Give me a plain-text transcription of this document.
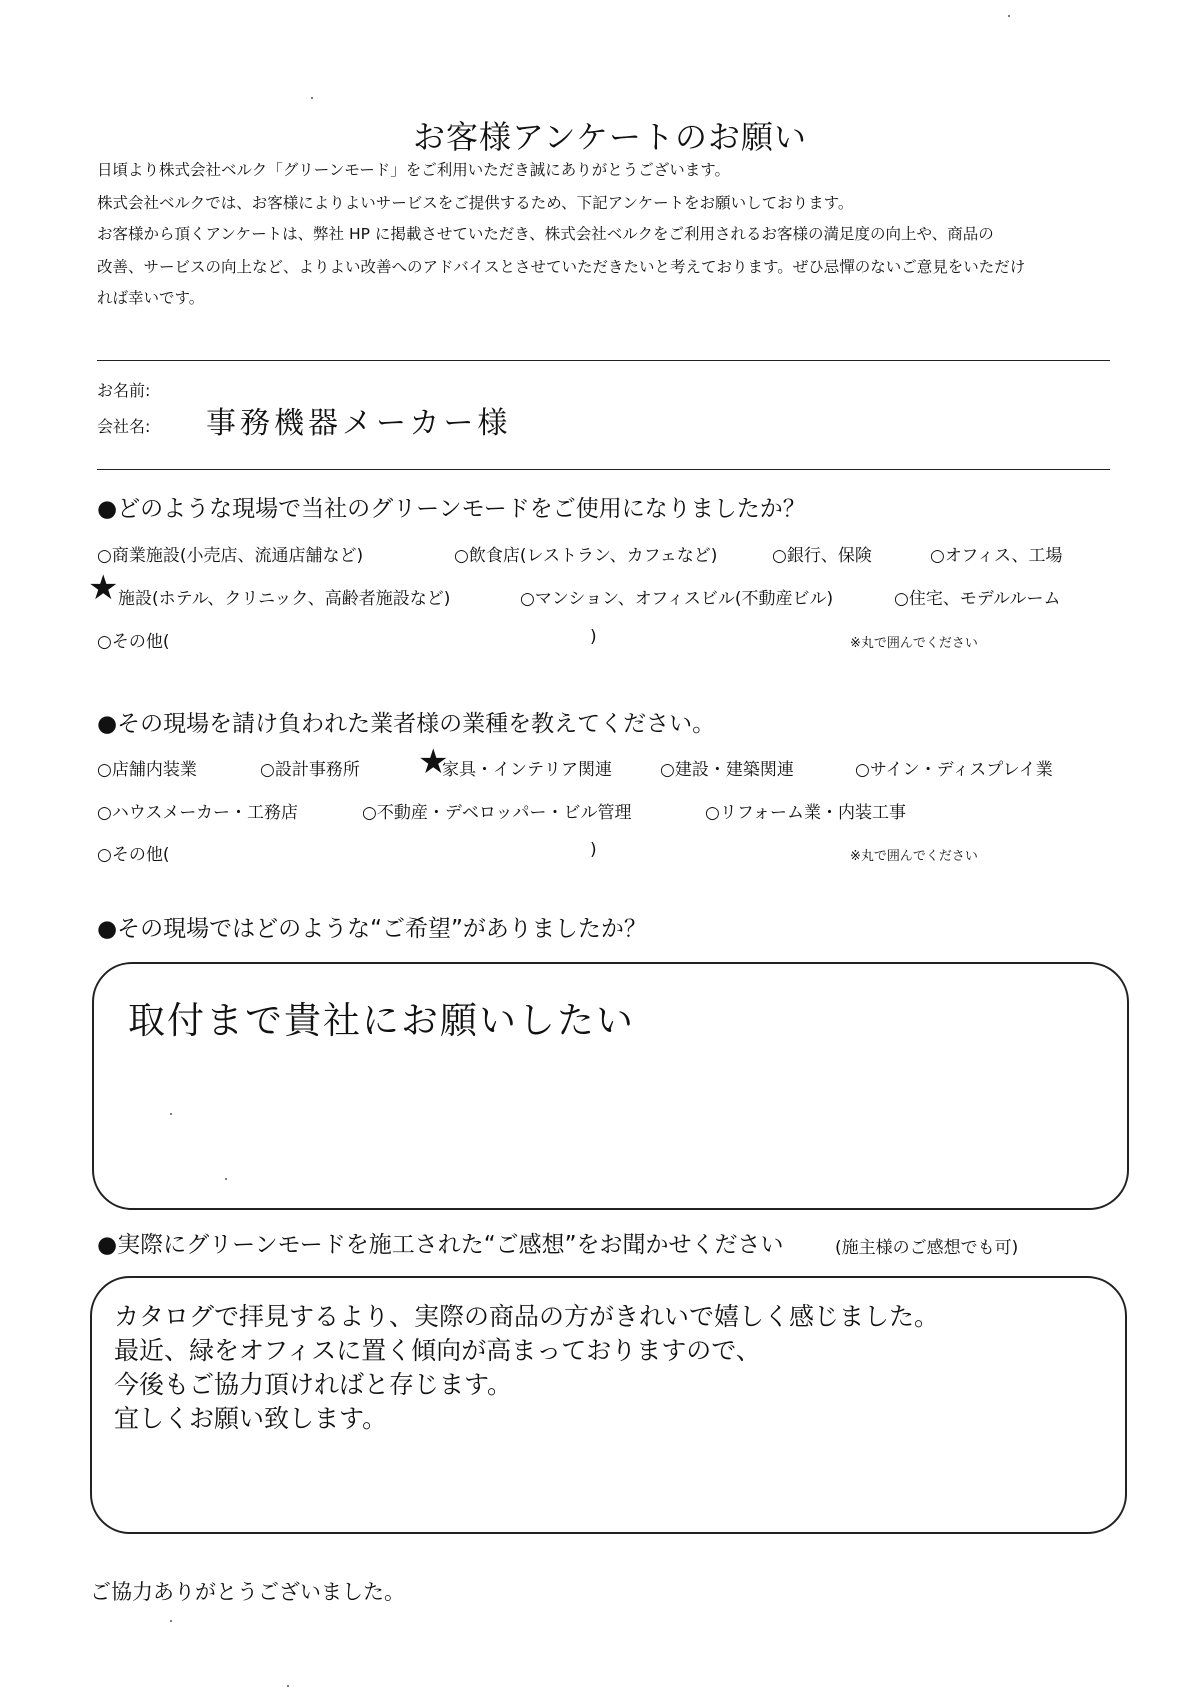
お客様アンケートのお願い
日頃より株式会社ベルク「グリーンモード」をご利用いただき誠にありがとうございます。
株式会社ベルクでは、お客様によりよいサービスをご提供するため、下記アンケートをお願いしております。
お客様から頂くアンケートは、弊社 HP に掲載させていただき、株式会社ベルクをご利用されるお客様の満足度の向上や、商品の
改善、サービスの向上など、よりよい改善へのアドバイスとさせていただきたいと考えております。ぜひ忌憚のないご意見をいただけ
れば幸いです。
お名前:
会社名: 事務機器メーカー様
●どのような現場で当社のグリーンモードをご使用になりましたか？
○商業施設(小売店、流通店舗など)	○飲食店(レストラン、カフェなど)	○銀行、保険	○オフィス、工場
★ 施設(ホテル、クリニック、高齢者施設など)	○マンション、オフィスビル(不動産ビル)	○住宅、モデルルーム
○その他(	)	※丸で囲んでください
●その現場を請け負われた業者様の業種を教えてください。
○店舗内装業	○設計事務所 ★
家具・インテリア関連	○建設・建築関連	○サイン・ディスプレイ業
○ハウスメーカー・工務店	○不動産・デベロッパー・ビル管理	○リフォーム業・内装工事
○その他(	)	※丸で囲んでください
●その現場ではどのような“ご希望”がありましたか？
取付まで貴社にお願いしたい
●実際にグリーンモードを施工された“ご感想”をお聞かせください	(施主様のご感想でも可)
カタログで拝見するより、実際の商品の方がきれいで嬉しく感じました。
最近、緑をオフィスに置く傾向が高まっておりますので、
今後もご協力頂ければと存じます。
宜しくお願い致します。
ご協力ありがとうございました。
